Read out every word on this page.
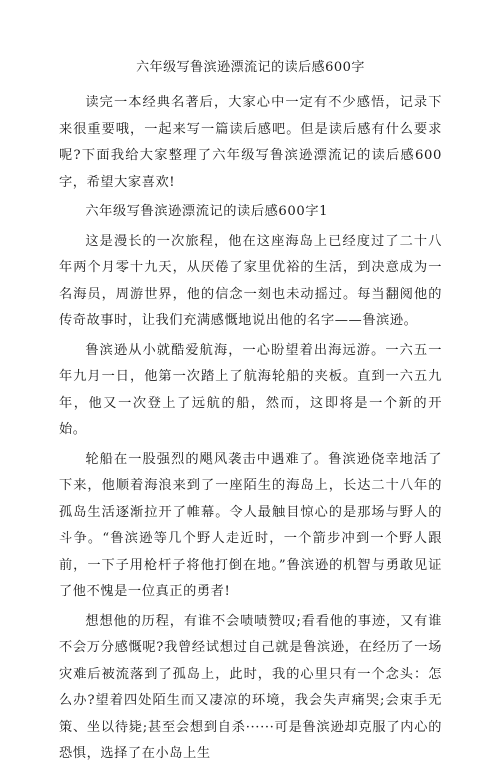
六年级写鲁滨逊漂流记的读后感600字

读完一本经典名著后，大家心中一定有不少感悟，记录下来很重要哦，一起来写一篇读后感吧。但是读后感有什么要求呢?下面我给大家整理了六年级写鲁滨逊漂流记的读后感600字，希望大家喜欢!

六年级写鲁滨逊漂流记的读后感600字1

这是漫长的一次旅程，他在这座海岛上已经度过了二十八年两个月零十九天，从厌倦了家里优裕的生活，到决意成为一名海员，周游世界，他的信念一刻也未动摇过。每当翻阅他的传奇故事时，让我们充满感慨地说出他的名字——鲁滨逊。

鲁滨逊从小就酷爱航海，一心盼望着出海远游。一六五一年九月一日，他第一次踏上了航海轮船的夹板。直到一六五九年，他又一次登上了远航的船，然而，这即将是一个新的开始。

轮船在一股强烈的飓风袭击中遇难了。鲁滨逊侥幸地活了下来，他顺着海浪来到了一座陌生的海岛上，长达二十八年的孤岛生活逐渐拉开了帷幕。令人最触目惊心的是那场与野人的斗争。“鲁滨逊等几个野人走近时，一个箭步冲到一个野人跟前，一下子用枪杆子将他打倒在地。”鲁滨逊的机智与勇敢见证了他不愧是一位真正的勇者!

想想他的历程，有谁不会啧啧赞叹;看看他的事迹，又有谁不会万分感慨呢?我曾经试想过自己就是鲁滨逊，在经历了一场灾难后被流落到了孤岛上，此时，我的心里只有一个念头：怎么办?望着四处陌生而又凄凉的环境，我会失声痛哭;会束手无策、坐以待毙;甚至会想到自杀······可是鲁滨逊却克服了内心的恐惧，选择了在小岛上生
